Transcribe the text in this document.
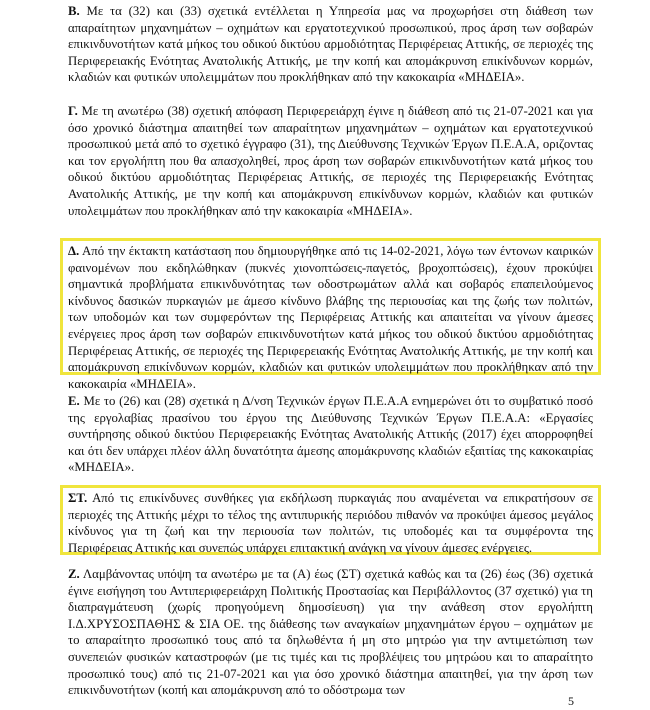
Β. Με τα (32) και (33) σχετικά εντέλλεται η Υπηρεσία μας να προχωρήσει στη διάθεση των απαραίτητων μηχανημάτων – οχημάτων και εργατοτεχνικού προσωπικού, προς άρση των σοβαρών επικινδυνοτήτων κατά μήκος του οδικού δικτύου αρμοδιότητας Περιφέρειας Αττικής, σε περιοχές της Περιφερειακής Ενότητας Ανατολικής Αττικής, με την κοπή και απομάκρυνση επικίνδυνων κορμών, κλαδιών και φυτικών υπολειμμάτων που προκλήθηκαν από την κακοκαιρία «ΜΗΔΕΙΑ».
Γ. Με τη ανωτέρω (38) σχετική απόφαση Περιφερειάρχη έγινε η διάθεση από τις 21-07-2021 και για όσο χρονικό διάστημα απαιτηθεί των απαραίτητων μηχανημάτων – οχημάτων και εργατοτεχνικού προσωπικού μετά από το σχετικό έγγραφο (31), της Διεύθυνσης Τεχνικών Έργων Π.Ε.Α.Α, οριζοντας και τον εργολήπτη που θα απασχοληθεί, προς άρση των σοβαρών επικινδυνοτήτων κατά μήκος του οδικού δικτύου αρμοδιότητας Περιφέρειας Αττικής, σε περιοχές της Περιφερειακής Ενότητας Ανατολικής Αττικής, με την κοπή και απομάκρυνση επικίνδυνων κορμών, κλαδιών και φυτικών υπολειμμάτων που προκλήθηκαν από την κακοκαιρία «ΜΗΔΕΙΑ».
Δ. Από την έκτακτη κατάσταση που δημιουργήθηκε από τις 14-02-2021, λόγω των έντονων καιρικών φαινομένων που εκδηλώθηκαν (πυκνές χιονοπτώσεις-παγετός, βροχοπτώσεις), έχουν προκύψει σημαντικά προβλήματα επικινδυνότητας των οδοστρωμάτων αλλά και σοβαρός επαπειλούμενος κίνδυνος δασικών πυρκαγιών με άμεσο κίνδυνο βλάβης της περιουσίας και της ζωής των πολιτών, των υποδομών και των συμφερόντων της Περιφέρειας Αττικής και απαιτείται να γίνουν άμεσες ενέργειες προς άρση των σοβαρών επικινδυνοτήτων κατά μήκος του οδικού δικτύου αρμοδιότητας Περιφέρειας Αττικής, σε περιοχές της Περιφερειακής Ενότητας Ανατολικής Αττικής, με την κοπή και απομάκρυνση επικίνδυνων κορμών, κλαδιών και φυτικών υπολειμμάτων που προκλήθηκαν από την κακοκαιρία «ΜΗΔΕΙΑ».
Ε. Με το (26) και (28) σχετικά η Δ/νση Τεχνικών έργων Π.Ε.Α.Α ενημερώνει ότι το συμβατικό ποσό της εργολαβίας πρασίνου του έργου της Διεύθυνσης Τεχνικών Έργων Π.Ε.Α.Α: «Εργασίες συντήρησης οδικού δικτύου Περιφερειακής Ενότητας Ανατολικής Αττικής (2017) έχει απορροφηθεί και ότι δεν υπάρχει πλέον άλλη δυνατότητα άμεσης απομάκρυνσης κλαδιών εξαιτίας της κακοκαιρίας «ΜΗΔΕΙΑ».
ΣΤ. Από τις επικίνδυνες συνθήκες για εκδήλωση πυρκαγιάς που αναμένεται να επικρατήσουν σε περιοχές της Αττικής μέχρι το τέλος της αντιπυρικής περιόδου πιθανόν να προκύψει άμεσος μεγάλος κίνδυνος για τη ζωή και την περιουσία των πολιτών, τις υποδομές και τα συμφέροντα της Περιφέρειας Αττικής και συνεπώς υπάρχει επιτακτική ανάγκη να γίνουν άμεσες ενέργειες.
Ζ. Λαμβάνοντας υπόψη τα ανωτέρω με τα (Α) έως (ΣΤ) σχετικά καθώς και τα (26) έως (36) σχετικά έγινε εισήγηση του Αντιπεριφερειάρχη Πολιτικής Προστασίας και Περιβάλλοντος (37 σχετικό) για τη διαπραγμάτευση (χωρίς προηγούμενη δημοσίευση) για την ανάθεση στον εργολήπτη Ι.Δ.ΧΡΥΣΟΣΠΑΘΗΣ & ΣΙΑ ΟΕ. της διάθεσης των αναγκαίων μηχανημάτων έργου – οχημάτων με το απαραίτητο προσωπικό τους από τα δηλωθέντα ή μη στο μητρώο για την αντιμετώπιση των συνεπειών φυσικών καταστροφών (με τις τιμές και τις προβλέψεις του μητρώου και το απαραίτητο προσωπικό τους) από τις 21-07-2021 και για όσο χρονικό διάστημα απαιτηθεί, για την άρση των επικινδυνοτήτων (κοπή και απομάκρυνση από το οδόστρωμα των
5
